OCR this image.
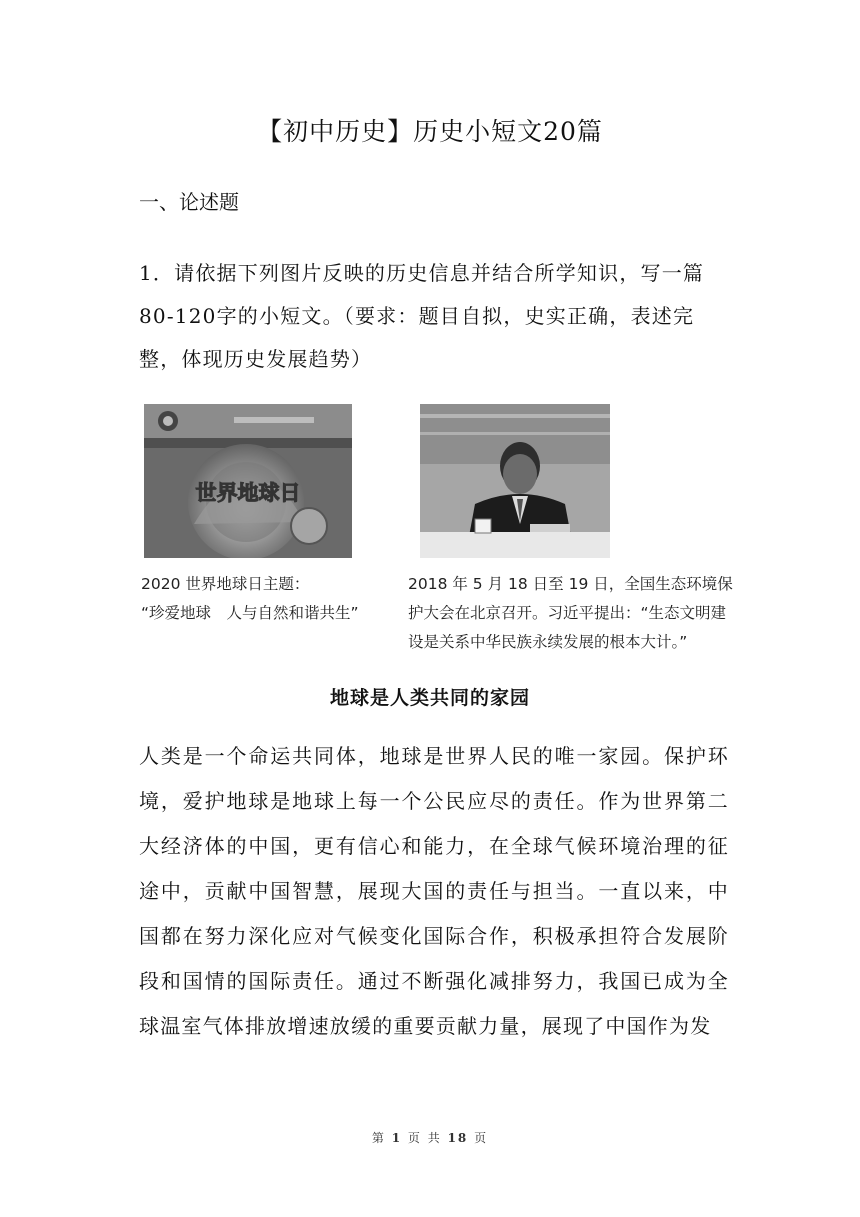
【初中历史】历史小短文20篇
一、论述题
1．请依据下列图片反映的历史信息并结合所学知识，写一篇80-120字的小短文。（要求：题目自拟，史实正确，表述完整，体现历史发展趋势）
世界地球日
2020 世界地球日主题：
“珍爱地球　人与自然和谐共生”
2018 年 5 月 18 日至 19 日，全国生态环境保护大会在北京召开。习近平提出：“生态文明建设是关系中华民族永续发展的根本大计。”
地球是人类共同的家园
人类是一个命运共同体，地球是世界人民的唯一家园。保护环境，爱护地球是地球上每一个公民应尽的责任。作为世界第二大经济体的中国，更有信心和能力，在全球气候环境治理的征途中，贡献中国智慧，展现大国的责任与担当。一直以来，中国都在努力深化应对气候变化国际合作，积极承担符合发展阶段和国情的国际责任。通过不断强化减排努力，我国已成为全球温室气体排放增速放缓的重要贡献力量，展现了中国作为发
第 1 页 共 18 页
